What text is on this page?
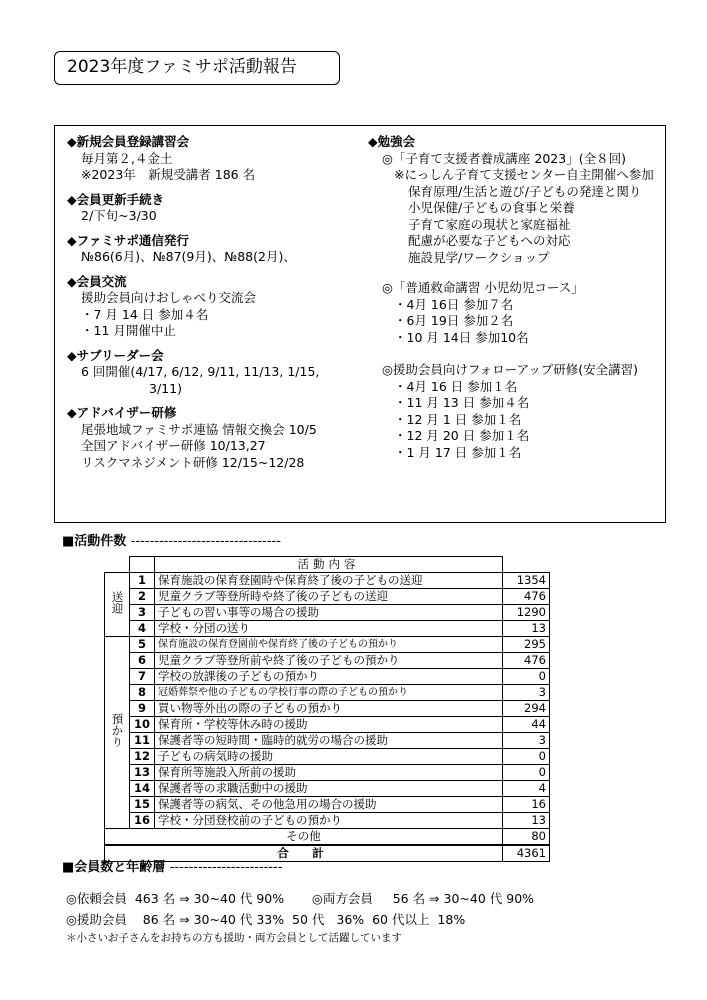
2023年度ファミサポ活動報告
◆新規会員登録講習会
毎月第２,４金土
※2023年　新規受講者 186 名
◆会員更新手続き
2/下旬~3/30
◆ファミサポ通信発行
№86(6月)、№87(9月)、№88(2月)、
◆会員交流
援助会員向けおしゃべり交流会
・7 月 14 日 参加４名
・11 月開催中止
◆サブリーダー会
6 回開催(4/17, 6/12, 9/11, 11/13, 1/15,
3/11)
◆アドバイザー研修
尾張地域ファミサポ連協 情報交換会 10/5
全国アドバイザー研修 10/13,27
リスクマネジメント研修 12/15~12/28
◆勉強会
◎「子育て支援者養成講座 2023」(全８回)
※にっしん子育て支援センター自主開催へ参加
保育原理/生活と遊び/子どもの発達と関り
小児保健/子どもの食事と栄養
子育て家庭の現状と家庭福祉
配慮が必要な子どもへの対応
施設見学/ワークショップ
◎「普通救命講習 小児幼児コース」
・4月 16日 参加７名
・6月 19日 参加２名
・10 月 14日 参加10名
◎援助会員向けフォローアップ研修(安全講習)
・4月 16 日 参加１名
・11 月 13 日 参加４名
・12 月 1 日 参加１名
・12 月 20 日 参加１名
・1 月 17 日 参加１名
■活動件数 --------------------------------
		活動内容	
送迎	1	保育施設の保育登園時や保育終了後の子どもの送迎	1354
	2	児童クラブ等登所時や終了後の子どもの送迎	476
	3	子どもの習い事等の場合の援助	1290
	4	学校・分団の送り	13
預かり	5	保育施設の保育登園前や保育終了後の子どもの預かり	295
	6	児童クラブ等登所前や終了後の子どもの預かり	476
	7	学校の放課後の子どもの預かり	0
	8	冠婚葬祭や他の子どもの学校行事の際の子どもの預かり	3
	9	買い物等外出の際の子どもの預かり	294
	10	保育所・学校等休み時の援助	44
	11	保護者等の短時間・臨時的就労の場合の援助	3
	12	子どもの病気時の援助	0
	13	保育所等施設入所前の援助	0
	14	保護者等の求職活動中の援助	4
	15	保護者等の病気、その他急用の場合の援助	16
	16	学校・分団登校前の子どもの預かり	13
その他			80
合　計			4361
■会員数と年齢層 ------------------------
◎依頼会員  463 名 ⇒ 30~40 代 90%       ◎両方会員     56 名 ⇒ 30~40 代 90%
◎援助会員    86 名 ⇒ 30~40 代 33%  50 代   36%  60 代以上  18%
＊小さいお子さんをお持ちの方も援助・両方会員として活躍しています
